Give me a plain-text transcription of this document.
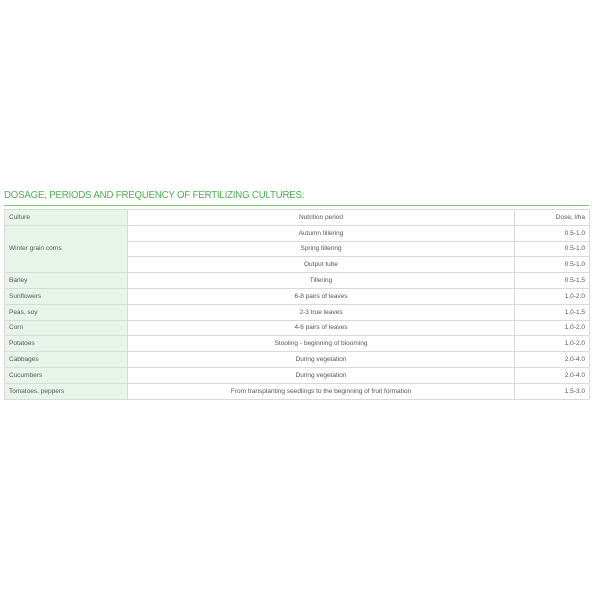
DOSAGE, PERIODS AND FREQUENCY OF FERTILIZING CULTURES:
Culture	Nutrition period	Dose, l/ha
Winter grain corns	Autumn tillering	0.5-1.0
	Spring tillering	0.5-1.0
	Output tube	0.5-1.0
Barley	Tillering	0.5-1.5
Sunflowers	6-8 pairs of leaves	1.0-2.0
Peas, soy	2-3 true leaves	1.0-1.5
Corn	4-6 pairs of leaves	1.0-2.0
Potatoes	Stooling - beginning of blooming	1.0-2.0
Cabbages	During vegetation	2.0-4.0
Cucumbers	During vegetation	2.0-4.0
Tomatoes, peppers	From transplanting seedlings to the beginning of fruit formation	1.5-3.0
